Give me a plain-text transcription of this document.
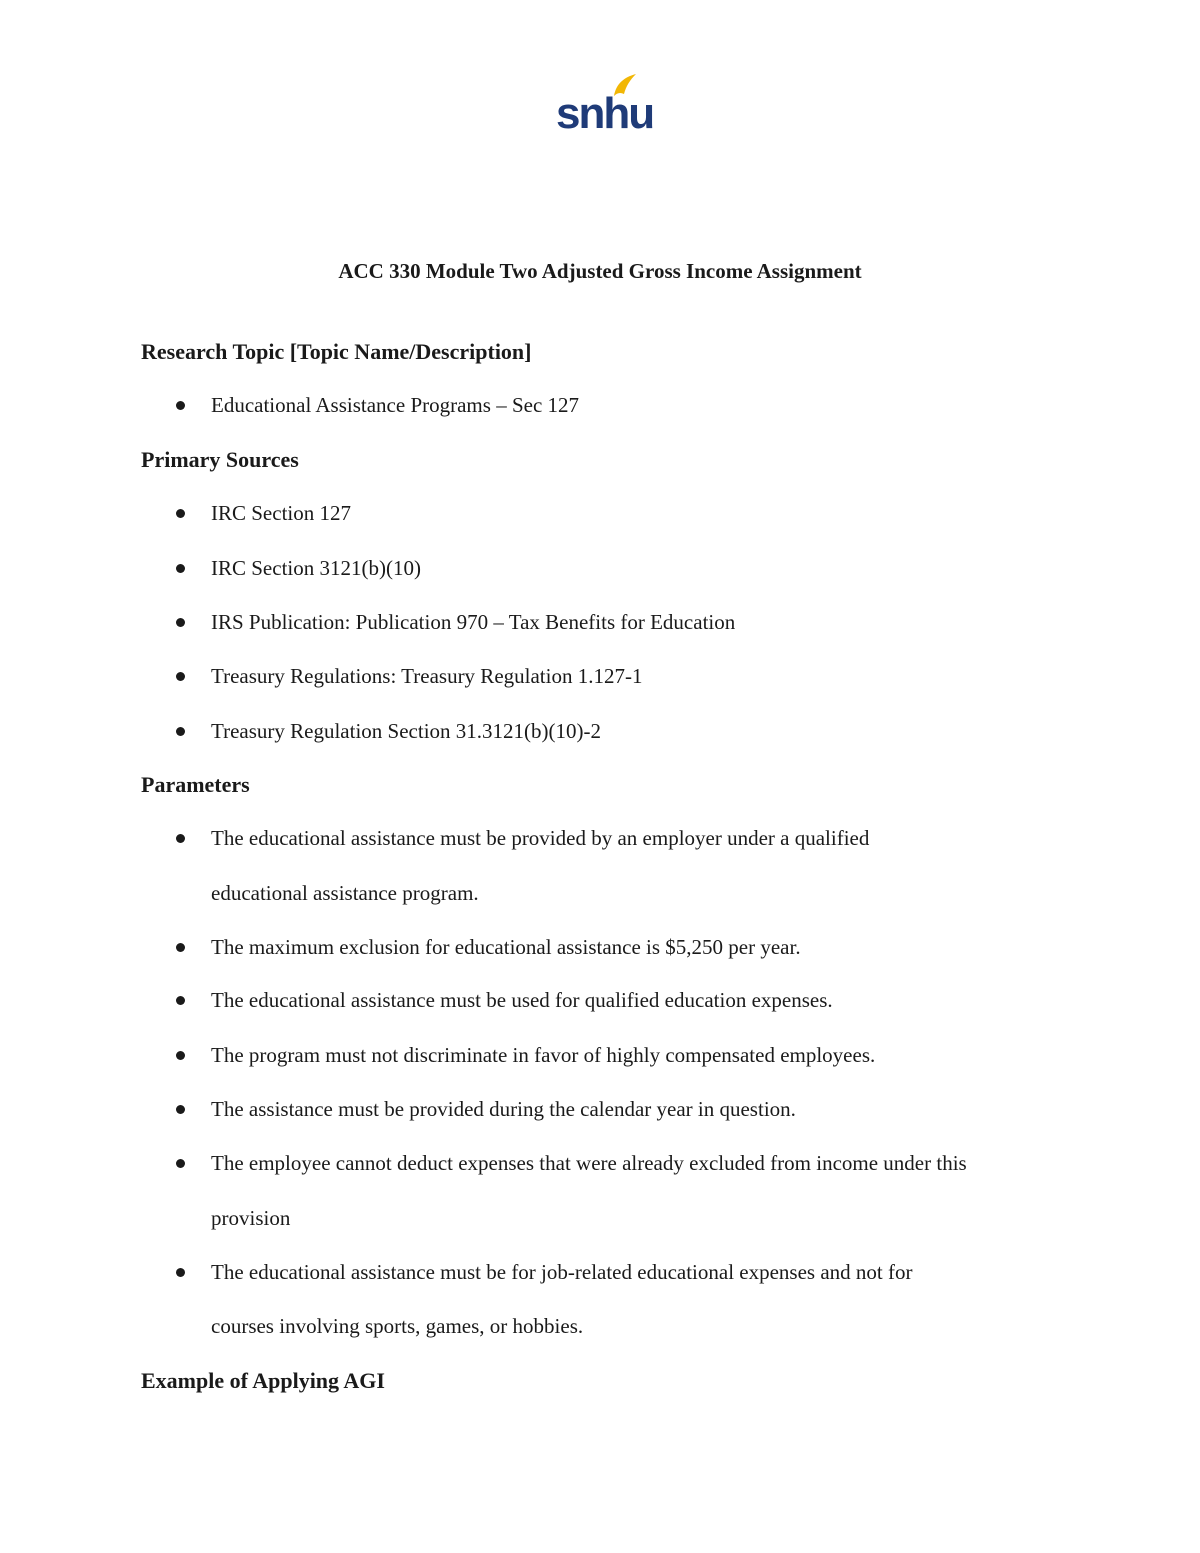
snhu
ACC 330 Module Two Adjusted Gross Income Assignment
Research Topic [Topic Name/Description]

Educational Assistance Programs – Sec 127

Primary Sources

IRC Section 127

IRC Section 3121(b)(10)

IRS Publication: Publication 970 – Tax Benefits for Education

Treasury Regulations: Treasury Regulation 1.127-1

Treasury Regulation Section 31.3121(b)(10)-2

Parameters

The educational assistance must be provided by an employer under a qualified

educational assistance program.

The maximum exclusion for educational assistance is $5,250 per year.

The educational assistance must be used for qualified education expenses.

The program must not discriminate in favor of highly compensated employees.

The assistance must be provided during the calendar year in question.

The employee cannot deduct expenses that were already excluded from income under this

provision

The educational assistance must be for job-related educational expenses and not for

courses involving sports, games, or hobbies.

Example of Applying AGI
